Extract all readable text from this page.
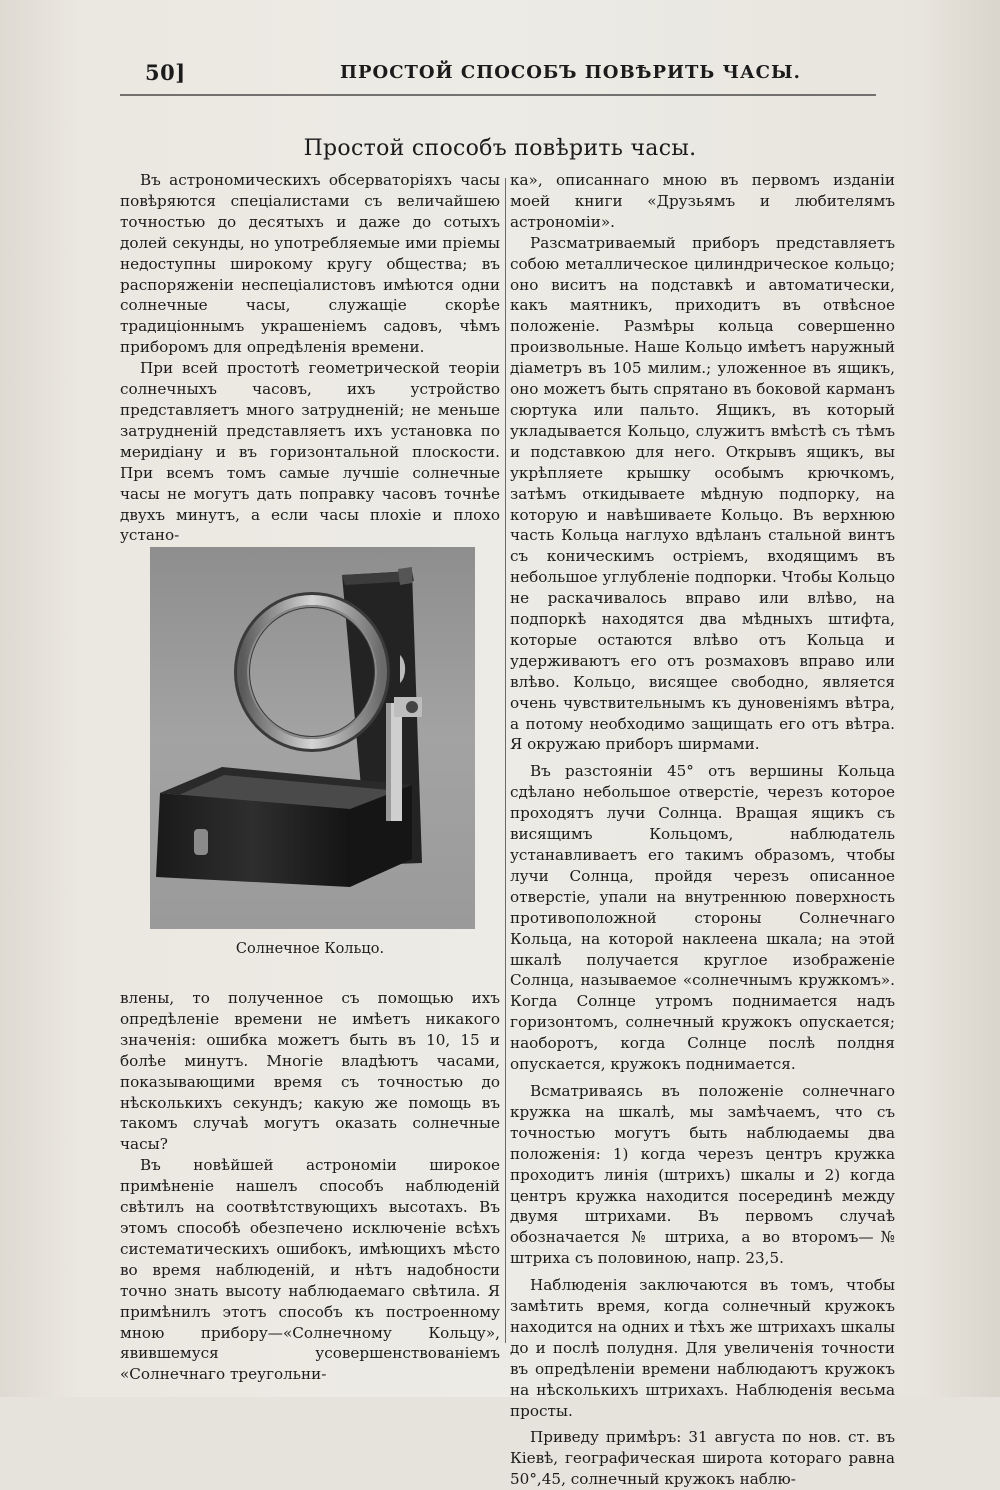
50]	ПРОСТОЙ СПОСОБЪ ПОВѢРИТЬ ЧАСЫ.
Простой способъ повѣрить часы.

Въ астрономическихъ обсерваторіяхъ часы повѣряются спеціалистами съ величайшею точностью до десятыхъ и даже до сотыхъ долей секунды, но употребляемые ими пріемы недоступны широкому кругу общества; въ распоряженіи неспеціалистовъ имѣются одни солнечные часы, служащіе скорѣе традиціоннымъ украшеніемъ садовъ, чѣмъ приборомъ для опредѣленія времени.

При всей простотѣ геометрической теоріи солнечныхъ часовъ, ихъ устройство представляетъ много затрудненій; не меньше затрудненій представляетъ ихъ установка по меридіану и въ горизонтальной плоскости. При всемъ томъ самые лучшіе солнечные часы не могутъ дать поправку часовъ точнѣе двухъ минутъ, а если часы плохіе и плохо устано-

Солнечное Кольцо.

влены, то полученное съ помощью ихъ опредѣленіе времени не имѣетъ никакого значенія: ошибка можетъ быть въ 10, 15 и болѣе минутъ. Многіе владѣютъ часами, показывающими время съ точностью до нѣсколькихъ секундъ; какую же помощь въ такомъ случаѣ могутъ оказать солнечные часы?

Въ новѣйшей астрономіи широкое примѣненіе нашелъ способъ наблюденій свѣтилъ на соотвѣтствующихъ высотахъ. Въ этомъ способѣ обезпечено исключеніе всѣхъ систематическихъ ошибокъ, имѣющихъ мѣсто во время наблюденій, и нѣтъ надобности точно знать высоту наблюдаемаго свѣтила. Я примѣнилъ этотъ способъ къ построенному мною прибору—«Солнечному Кольцу», явившемуся усовершенствованіемъ «Солнечнаго треугольни-

ка», описаннаго мною въ первомъ изданіи моей книги «Друзьямъ и любителямъ астрономіи».

Разсматриваемый приборъ представляетъ собою металлическое цилиндрическое кольцо; оно виситъ на подставкѣ и автоматически, какъ маятникъ, приходитъ въ отвѣсное положеніе. Размѣры кольца совершенно произвольные. Наше Кольцо имѣетъ наружный діаметръ въ 105 милим.; уложенное въ ящикъ, оно можетъ быть спрятано въ боковой карманъ сюртука или пальто. Ящикъ, въ который укладывается Кольцо, служитъ вмѣстѣ съ тѣмъ и подставкою для него. Открывъ ящикъ, вы укрѣпляете крышку особымъ крючкомъ, затѣмъ откидываете мѣдную подпорку, на которую и навѣшиваете Кольцо. Въ верхнюю часть Кольца наглухо вдѣланъ стальной винтъ съ коническимъ остріемъ, входящимъ въ небольшое углубленіе подпорки. Чтобы Кольцо не раскачивалось вправо или влѣво, на подпоркѣ находятся два мѣдныхъ штифта, которые остаются влѣво отъ Кольца и удерживаютъ его отъ розмаховъ вправо или влѣво. Кольцо, висящее свободно, является очень чувствительнымъ къ дуновеніямъ вѣтра, а потому необходимо защищать его отъ вѣтра. Я окружаю приборъ ширмами.

Въ разстояніи 45° отъ вершины Кольца сдѣлано небольшое отверстіе, черезъ которое проходятъ лучи Солнца. Вращая ящикъ съ висящимъ Кольцомъ, наблюдатель устанавливаетъ его такимъ образомъ, чтобы лучи Солнца, пройдя черезъ описанное отверстіе, упали на внутреннюю поверхность противоположной стороны Солнечнаго Кольца, на которой наклеена шкала; на этой шкалѣ получается круглое изображеніе Солнца, называемое «солнечнымъ кружкомъ». Когда Солнце утромъ поднимается надъ горизонтомъ, солнечный кружокъ опускается; наоборотъ, когда Солнце послѣ полдня опускается, кружокъ поднимается.

Всматриваясь въ положеніе солнечнаго кружка на шкалѣ, мы замѣчаемъ, что съ точностью могутъ быть наблюдаемы два положенія: 1) когда черезъ центръ кружка проходитъ линія (штрихъ) шкалы и 2) когда центръ кружка находится посерединѣ между двумя штрихами. Въ первомъ случаѣ обозначается № штриха, а во второмъ—№ штриха съ половиною, напр. 23,5.

Наблюденія заключаются въ томъ, чтобы замѣтить время, когда солнечный кружокъ находится на одних и тѣхъ же штрихахъ шкалы до и послѣ полудня. Для увеличенія точности въ опредѣленіи времени наблюдаютъ кружокъ на нѣсколькихъ штрихахъ. Наблюденія весьма просты.

Приведу примѣръ: 31 августа по нов. ст. въ Кіевѣ, географическая широта котораго равна 50°,45, солнечный кружокъ наблю-
